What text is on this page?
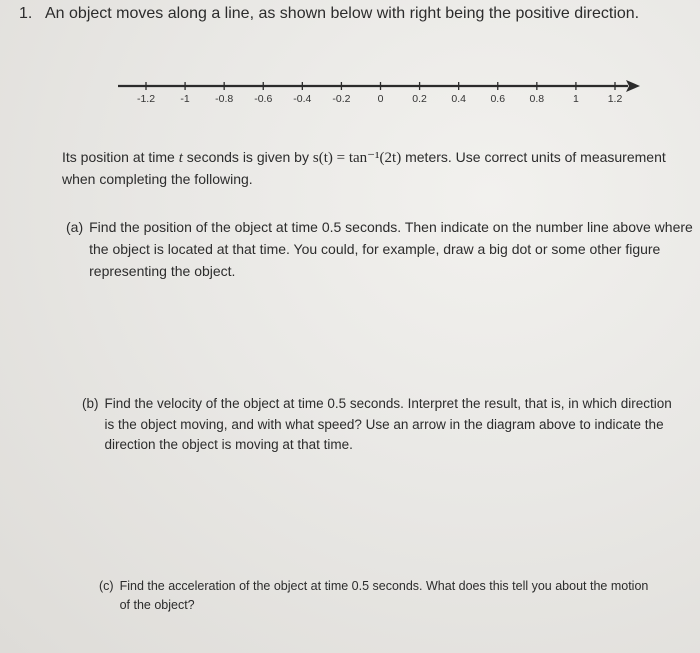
1. An object moves along a line, as shown below with right being the positive direction.
-1.2 -1 -0.8 -0.6 -0.4 -0.2	0	0.2 0.4 0.6 0.8	1	1.2
Its position at time t seconds is given by s(t) = tan⁻¹(2t) meters. Use correct units of measurement when completing the following.
(a) Find the position of the object at time 0.5 seconds. Then indicate on the number line above where the object is located at that time. You could, for example, draw a big dot or some other figure representing the object.
(b) Find the velocity of the object at time 0.5 seconds. Interpret the result, that is, in which direction is the object moving, and with what speed? Use an arrow in the diagram above to indicate the direction the object is moving at that time.
(c) Find the acceleration of the object at time 0.5 seconds. What does this tell you about the motion of the object?
